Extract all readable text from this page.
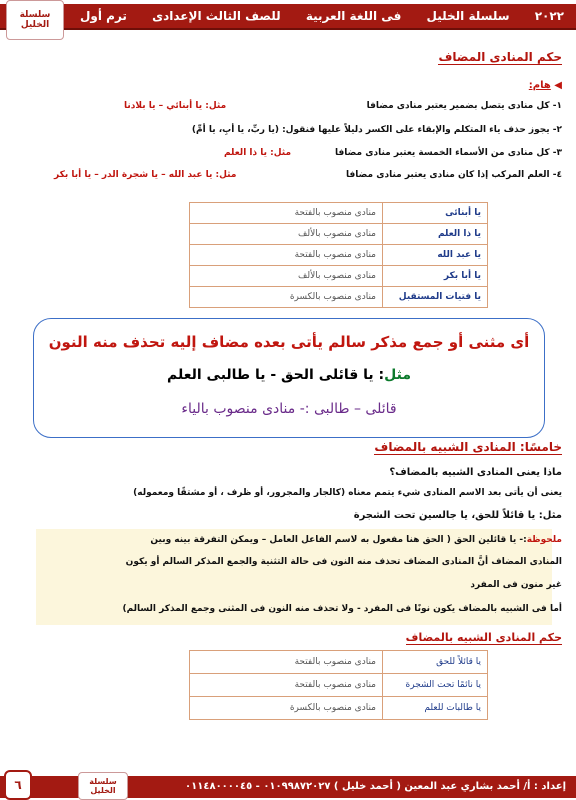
٢٠٢٢
سلسلة الخليل
فى اللغة العربية
للصف الثالث الإعدادى
ترم أول
سلسلة الخليل
حكم المنادى المضاف
◀ هام:
١- كل منادى يتصل بضمير يعتبر منادى مضافا
مثل: يا أبنائي – يا بلادنا
٢- يجوز حذف ياء المتكلم والإبقاء على الكسر دليلاً عليها فنقول: (يا ربِّ، يا أبِ، يا أمِّ)
٣- كل منادى من الأسماء الخمسة يعتبر منادى مضافا
مثل: يا ذا العلم
٤- العلم المركب إذا كان منادى يعتبر منادى مضافا
مثل: يا عبد الله – يا شجرة الدر – يا أبا بكر
يا أبنائى	منادى منصوب بالفتحة
يا ذا العلم	منادى منصوب بالألف
يا عبد الله	منادى منصوب بالفتحة
يا أبا بكر	منادى منصوب بالألف
يا فتيات المستقبل	منادى منصوب بالكسرة
أى مثنى أو جمع مذكر سالم يأتى بعده مضاف إليه تحذف منه النون
مثل: يا قائلى الحق - يا طالبى العلم
قائلى – طالبى :- منادى منصوب بالياء
خامسًا: المنادى الشبيه بالمضاف
ماذا يعنى المنادى الشبيه بالمضاف؟
يعنى أن يأتى بعد الاسم المنادى شيء يتمم معناه (كالجار والمجرور، أو ظرف ، أو مشتقًا ومعموله)
مثل: يا قائلاً للحق، يا جالسين تحت الشجرة
ملحوظة:- يا قائلين الحق ( الحق هنا مفعول به لاسم الفاعل العامل – ويمكن التفرقة بينه وبين
المنادى المضاف أنَّ المنادى المضاف تحذف منه النون فى حالة التثنية والجمع المذكر السالم أو يكون
غير منون فى المفرد
أما فى الشبيه بالمضاف يكون نونًا فى المفرد - ولا تحذف منه النون فى المثنى وجمع المذكر السالم)
حكم المنادى الشبيه بالمضاف
يا قائلاً للحق	منادى منصوب بالفتحة
يا نائمًا تحت الشجرة	منادى منصوب بالفتحة
يا طالبات للعلم	منادى منصوب بالكسرة
إعداد : أ/ أحمد بشاري عبد المعين ( أحمد خليل ) ٠١٠٩٩٨٧٢٠٢٧ - ٠١١٤٨٠٠٠٠٤٥
سلسلة الخليل
٦
